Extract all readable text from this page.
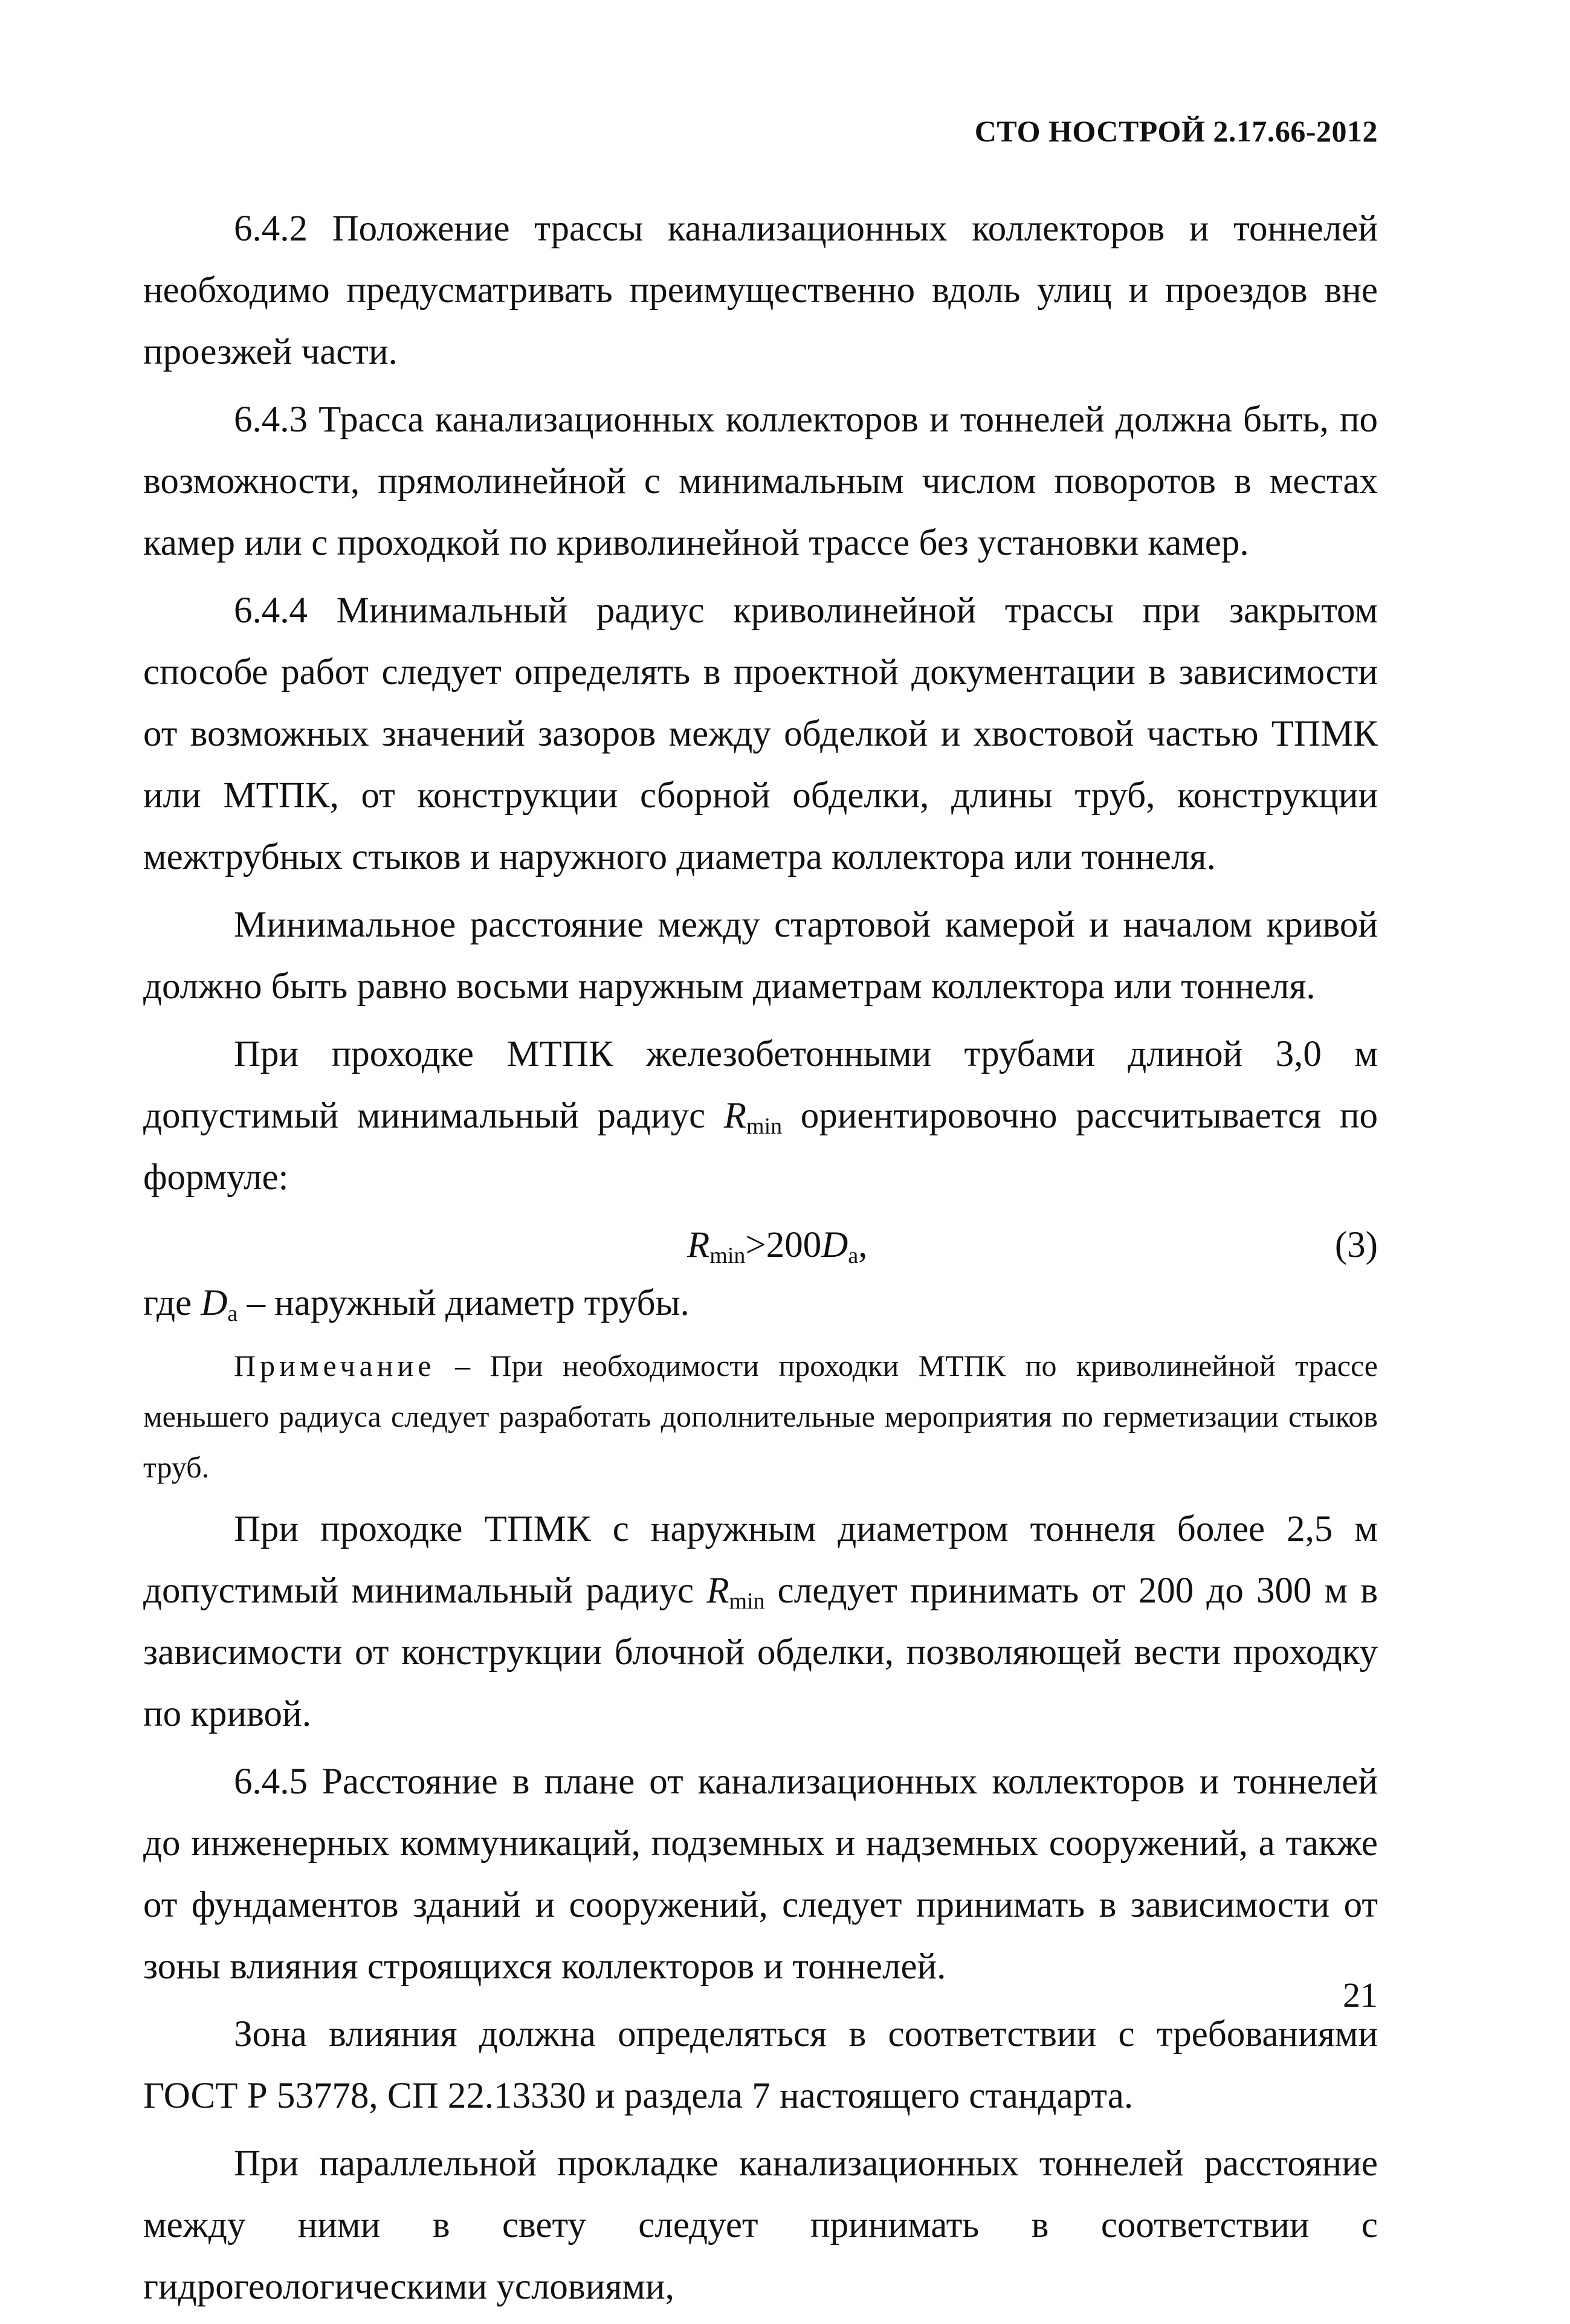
СТО НОСТРОЙ 2.17.66-2012

6.4.2 Положение трассы канализационных коллекторов и тоннелей необходимо предусматривать преимущественно вдоль улиц и проездов вне проезжей части.

6.4.3 Трасса канализационных коллекторов и тоннелей должна быть, по возможности, прямолинейной с минимальным числом поворотов в местах камер или с проходкой по криволинейной трассе без установки камер.

6.4.4 Минимальный радиус криволинейной трассы при закрытом способе работ следует определять в проектной документации в зависимости от возможных значений зазоров между обделкой и хвостовой частью ТПМК или МТПК, от конструкции сборной обделки, длины труб, конструкции межтрубных стыков и наружного диаметра коллектора или тоннеля.

Минимальное расстояние между стартовой камерой и началом кривой должно быть равно восьми наружным диаметрам коллектора или тоннеля.

При проходке МТПК железобетонными трубами длиной 3,0 м допустимый минимальный радиус $R_{min}$ ориентировочно рассчитывается по формуле:

$R_{min}>200D_a$,	(3)

где $D_a$ – наружный диаметр трубы.

Примечание – При необходимости проходки МТПК по криволинейной трассе меньшего радиуса следует разработать дополнительные мероприятия по герметизации стыков труб.

При проходке ТПМК с наружным диаметром тоннеля более 2,5 м допустимый минимальный радиус $R_{min}$ следует принимать от 200 до 300 м в зависимости от конструкции блочной обделки, позволяющей вести проходку по кривой.

6.4.5 Расстояние в плане от канализационных коллекторов и тоннелей до инженерных коммуникаций, подземных и надземных сооружений, а также от фундаментов зданий и сооружений, следует принимать в зависимости от зоны влияния строящихся коллекторов и тоннелей.

Зона влияния должна определяться в соответствии с требованиями ГОСТ Р 53778, СП 22.13330 и раздела 7 настоящего стандарта.

При параллельной прокладке канализационных тоннелей расстояние между ними в свету следует принимать в соответствии с гидрогеологическими условиями,

21
